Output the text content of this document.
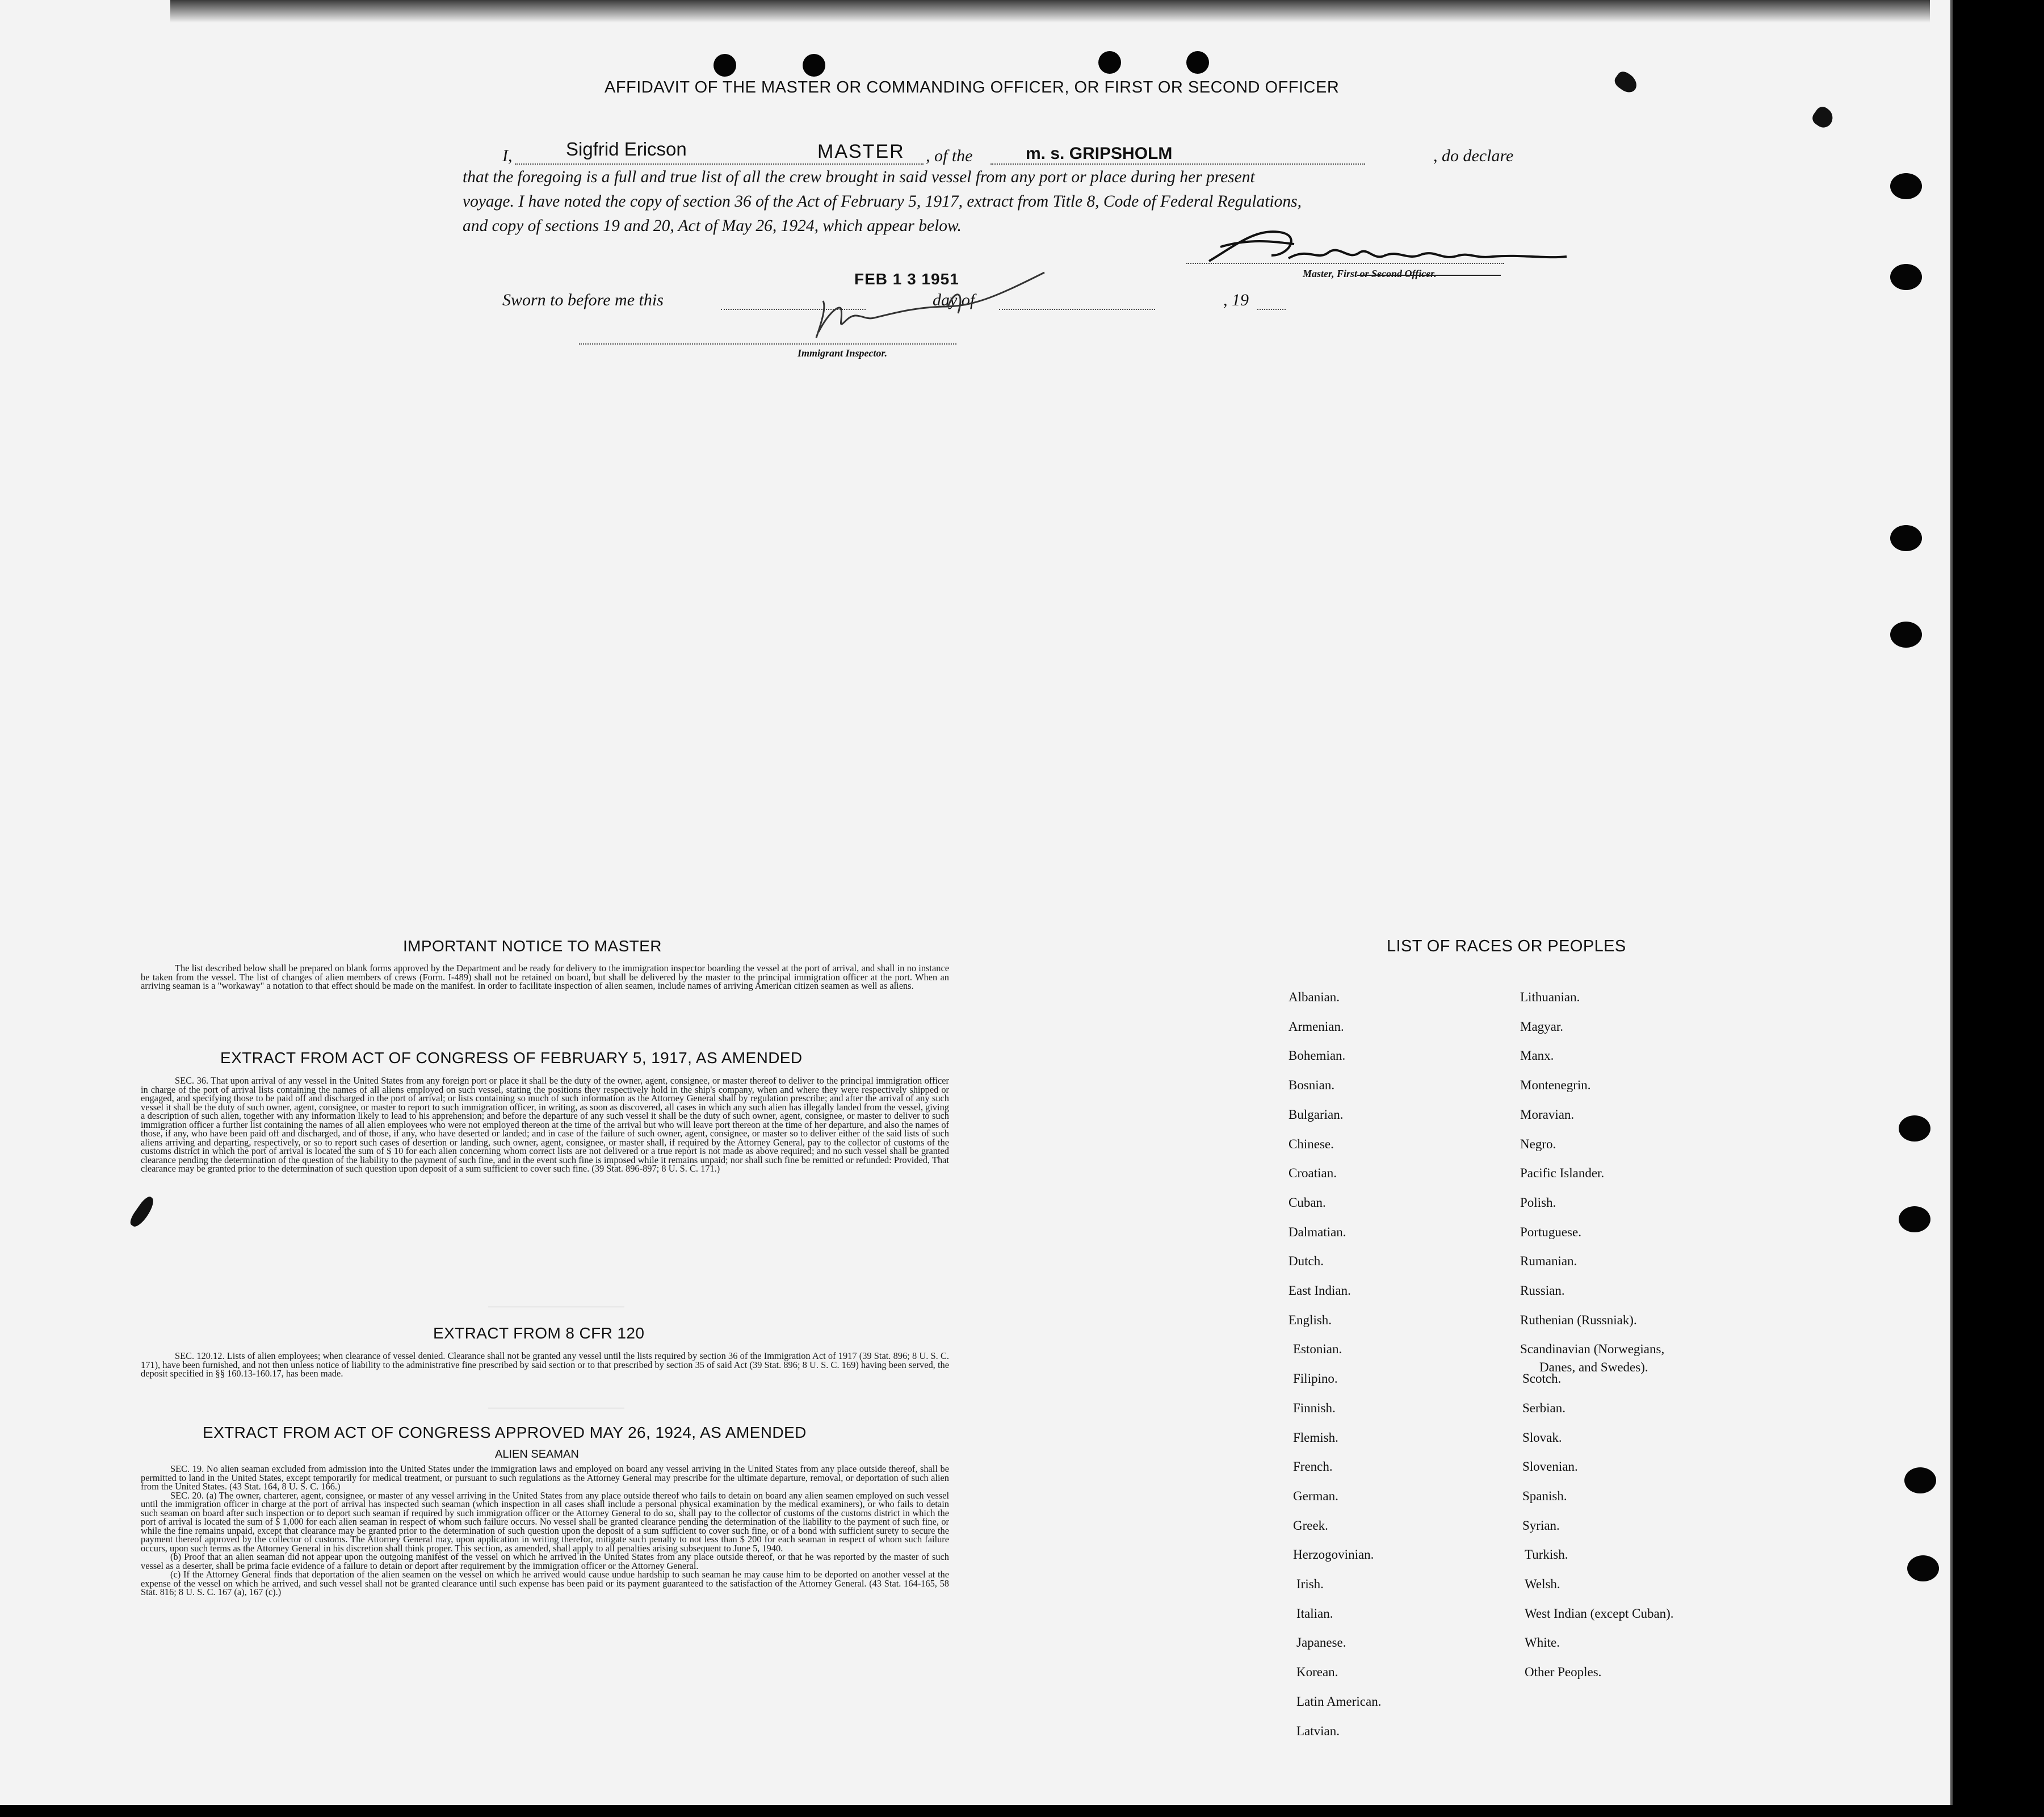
AFFIDAVIT OF THE MASTER OR COMMANDING OFFICER, OR FIRST OR SECOND OFFICER
I,	Sigfrid Ericson	MASTER , of the	m. s. GRIPSHOLM	, do declare
that the foregoing is a full and true list of all the crew brought in said vessel from any port or place during her present
voyage. I have noted the copy of section 36 of the Act of February 5, 1917, extract from Title 8, Code of Federal Regulations,
and copy of sections 19 and 20, Act of May 26, 1924, which appear below.
Master, First or Second Officer.
Sworn to before me this
FEB 1 3 1951
day of	, 19
Immigrant Inspector.
IMPORTANT NOTICE TO MASTER

The list described below shall be prepared on blank forms approved by the Department and be ready for delivery to the immigration inspector boarding the vessel at the port of arrival, and shall in no instance be taken from the vessel. The list of changes of alien members of crews (Form. I-489) shall not be retained on board, but shall be delivered by the master to the principal immigration officer at the port. When an arriving seaman is a "workaway" a notation to that effect should be made on the manifest. In order to facilitate inspection of alien seamen, include names of arriving American citizen seamen as well as aliens.

EXTRACT FROM ACT OF CONGRESS OF FEBRUARY 5, 1917, AS AMENDED

SEC. 36. That upon arrival of any vessel in the United States from any foreign port or place it shall be the duty of the owner, agent, consignee, or master thereof to deliver to the principal immigration officer in charge of the port of arrival lists containing the names of all aliens employed on such vessel, stating the positions they respectively hold in the ship's company, when and where they were respectively shipped or engaged, and specifying those to be paid off and discharged in the port of arrival; or lists containing so much of such information as the Attorney General shall by regulation prescribe; and after the arrival of any such vessel it shall be the duty of such owner, agent, consignee, or master to report to such immigration officer, in writing, as soon as discovered, all cases in which any such alien has illegally landed from the vessel, giving a description of such alien, together with any information likely to lead to his apprehension; and before the departure of any such vessel it shall be the duty of such owner, agent, consignee, or master to deliver to such immigration officer a further list containing the names of all alien employees who were not employed thereon at the time of the arrival but who will leave port thereon at the time of her departure, and also the names of those, if any, who have been paid off and discharged, and of those, if any, who have deserted or landed; and in case of the failure of such owner, agent, consignee, or master so to deliver either of the said lists of such aliens arriving and departing, respectively, or so to report such cases of desertion or landing, such owner, agent, consignee, or master shall, if required by the Attorney General, pay to the collector of customs of the customs district in which the port of arrival is located the sum of $ 10 for each alien concerning whom correct lists are not delivered or a true report is not made as above required; and no such vessel shall be granted clearance pending the determination of the question of the liability to the payment of such fine, and in the event such fine is imposed while it remains unpaid; nor shall such fine be remitted or refunded: Provided, That clearance may be granted prior to the determination of such question upon deposit of a sum sufficient to cover such fine. (39 Stat. 896-897; 8 U. S. C. 171.)

EXTRACT FROM 8 CFR 120

SEC. 120.12. Lists of alien employees; when clearance of vessel denied. Clearance shall not be granted any vessel until the lists required by section 36 of the Immigration Act of 1917 (39 Stat. 896; 8 U. S. C. 171), have been furnished, and not then unless notice of liability to the administrative fine prescribed by said section or to that prescribed by section 35 of said Act (39 Stat. 896; 8 U. S. C. 169) having been served, the deposit specified in §§ 160.13-160.17, has been made.

EXTRACT FROM ACT OF CONGRESS APPROVED MAY 26, 1924, AS AMENDED
ALIEN SEAMAN

SEC. 19. No alien seaman excluded from admission into the United States under the immigration laws and employed on board any vessel arriving in the United States from any place outside thereof, shall be permitted to land in the United States, except temporarily for medical treatment, or pursuant to such regulations as the Attorney General may prescribe for the ultimate departure, removal, or deportation of such alien from the United States. (43 Stat. 164, 8 U. S. C. 166.)

SEC. 20. (a) The owner, charterer, agent, consignee, or master of any vessel arriving in the United States from any place outside thereof who fails to detain on board any alien seamen employed on such vessel until the immigration officer in charge at the port of arrival has inspected such seaman (which inspection in all cases shall include a personal physical examination by the medical examiners), or who fails to detain such seaman on board after such inspection or to deport such seaman if required by such immigration officer or the Attorney General to do so, shall pay to the collector of customs of the customs district in which the port of arrival is located the sum of $ 1,000 for each alien seaman in respect of whom such failure occurs. No vessel shall be granted clearance pending the determination of the liability to the payment of such fine, or while the fine remains unpaid, except that clearance may be granted prior to the determination of such question upon the deposit of a sum sufficient to cover such fine, or of a bond with sufficient surety to secure the payment thereof approved by the collector of customs. The Attorney General may, upon application in writing therefor, mitigate such penalty to not less than $ 200 for each seaman in respect of whom such failure occurs, upon such terms as the Attorney General in his discretion shall think proper. This section, as amended, shall apply to all penalties arising subsequent to June 5, 1940.

(b) Proof that an alien seaman did not appear upon the outgoing manifest of the vessel on which he arrived in the United States from any place outside thereof, or that he was reported by the master of such vessel as a deserter, shall be prima facie evidence of a failure to detain or deport after requirement by the immigration officer or the Attorney General.

(c) If the Attorney General finds that deportation of the alien seamen on the vessel on which he arrived would cause undue hardship to such seaman he may cause him to be deported on another vessel at the expense of the vessel on which he arrived, and such vessel shall not be granted clearance until such expense has been paid or its payment guaranteed to the satisfaction of the Attorney General. (43 Stat. 164-165, 58 Stat. 816; 8 U. S. C. 167 (a), 167 (c).)

LIST OF RACES OR PEOPLES
Albanian.
Armenian.
Bohemian.
Bosnian.
Bulgarian.
Chinese.
Croatian.
Cuban.
Dalmatian.
Dutch.
East Indian.
English.
Estonian.
Filipino.
Finnish.
Flemish.
French.
German.
Greek.
Herzogovinian.
Irish.
Italian.
Japanese.
Korean.
Latin American.
Latvian.
Lithuanian.
Magyar.
Manx.
Montenegrin.
Moravian.
Negro.
Pacific Islander.
Polish.
Portuguese.
Rumanian.
Russian.
Ruthenian (Russniak).
Scandinavian (Norwegians,
Danes, and Swedes).
Scotch.
Serbian.
Slovak.
Slovenian.
Spanish.
Syrian.
Turkish.
Welsh.
West Indian (except Cuban).
White.
Other Peoples.
